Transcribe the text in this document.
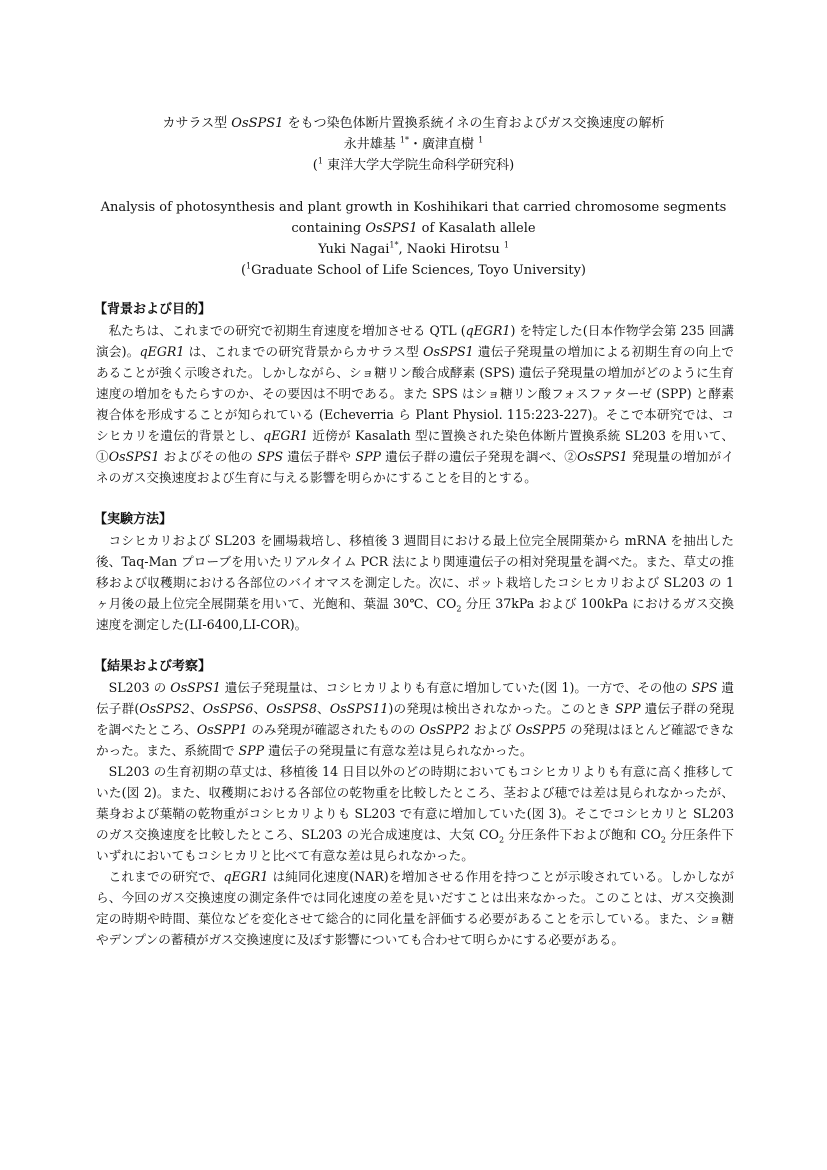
カサラス型 OsSPS1 をもつ染色体断片置換系統イネの生育およびガス交換速度の解析
永井雄基 $^{1*}$・廣津直樹 $^1$
($^1$ 東洋大学大学院生命科学研究科)
Analysis of photosynthesis and plant growth in Koshihikari that carried chromosome segments
containing OsSPS1 of Kasalath allele
Yuki Nagai$^{1*}$, Naoki Hirotsu $^1$
($^1$Graduate School of Life Sciences, Toyo University)
【背景および目的】

私たちは、これまでの研究で初期生育速度を増加させる QTL (qEGR1) を特定した(日本作物学会第 235 回講演会)。qEGR1 は、これまでの研究背景からカサラス型 OsSPS1 遺伝子発現量の増加による初期生育の向上であることが強く示唆された。しかしながら、ショ糖リン酸合成酵素 (SPS) 遺伝子発現量の増加がどのように生育速度の増加をもたらすのか、その要因は不明である。また SPS はショ糖リン酸フォスファターゼ (SPP) と酵素複合体を形成することが知られている (Echeverria ら Plant Physiol. 115:223-227)。そこで本研究では、コシヒカリを遺伝的背景とし、qEGR1 近傍が Kasalath 型に置換された染色体断片置換系統 SL203 を用いて、①OsSPS1 およびその他の SPS 遺伝子群や SPP 遺伝子群の遺伝子発現を調べ、②OsSPS1 発現量の増加がイネのガス交換速度および生育に与える影響を明らかにすることを目的とする。

【実験方法】

コシヒカリおよび SL203 を圃場栽培し、移植後 3 週間目における最上位完全展開葉から mRNA を抽出した後、Taq-Man プローブを用いたリアルタイム PCR 法により関連遺伝子の相対発現量を調べた。また、草丈の推移および収穫期における各部位のバイオマスを測定した。次に、ポット栽培したコシヒカリおよび SL203 の 1 ヶ月後の最上位完全展開葉を用いて、光飽和、葉温 30℃、$CO_2$ 分圧 37kPa および 100kPa におけるガス交換速度を測定した(LI-6400,LI-COR)。

【結果および考察】

SL203 の OsSPS1 遺伝子発現量は、コシヒカリよりも有意に増加していた(図 1)。一方で、その他の SPS 遺伝子群(OsSPS2、OsSPS6、OsSPS8、OsSPS11)の発現は検出されなかった。このとき SPP 遺伝子群の発現を調べたところ、OsSPP1 のみ発現が確認されたものの OsSPP2 および OsSPP5 の発現はほとんど確認できなかった。また、系統間で SPP 遺伝子の発現量に有意な差は見られなかった。

SL203 の生育初期の草丈は、移植後 14 日目以外のどの時期においてもコシヒカリよりも有意に高く推移していた(図 2)。また、収穫期における各部位の乾物重を比較したところ、茎および穂では差は見られなかったが、葉身および葉鞘の乾物重がコシヒカリよりも SL203 で有意に増加していた(図 3)。そこでコシヒカリと SL203 のガス交換速度を比較したところ、SL203 の光合成速度は、大気 $CO_2$ 分圧条件下および飽和 $CO_2$ 分圧条件下いずれにおいてもコシヒカリと比べて有意な差は見られなかった。

これまでの研究で、qEGR1 は純同化速度(NAR)を増加させる作用を持つことが示唆されている。しかしながら、今回のガス交換速度の測定条件では同化速度の差を見いだすことは出来なかった。このことは、ガス交換測定の時期や時間、葉位などを変化させて総合的に同化量を評価する必要があることを示している。また、ショ糖やデンプンの蓄積がガス交換速度に及ぼす影響についても合わせて明らかにする必要がある。
